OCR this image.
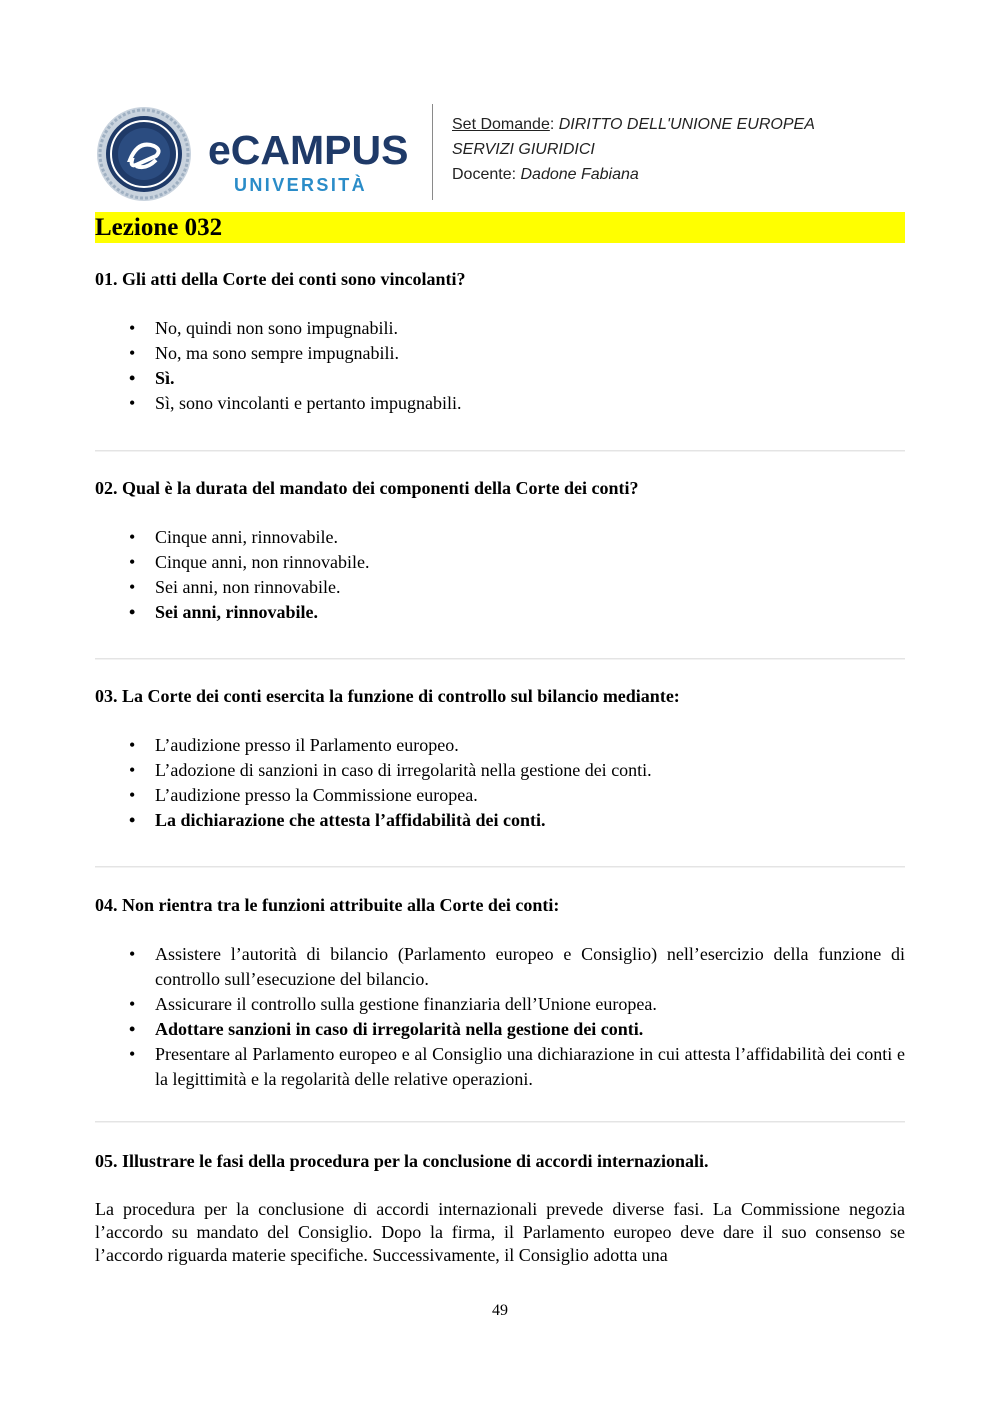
eCAMPUS
UNIVERSITÀ
Set Domande: DIRITTO DELL'UNIONE EUROPEA
SERVIZI GIURIDICI
Docente: Dadone Fabiana
Lezione 032

01. Gli atti della Corte dei conti sono vincolanti?

• No, quindi non sono impugnabili.
• No, ma sono sempre impugnabili.
• Sì.
• Sì, sono vincolanti e pertanto impugnabili.

02. Qual è la durata del mandato dei componenti della Corte dei conti?

• Cinque anni, rinnovabile.
• Cinque anni, non rinnovabile.
• Sei anni, non rinnovabile.
• Sei anni, rinnovabile.

03. La Corte dei conti esercita la funzione di controllo sul bilancio mediante:

• L’audizione presso il Parlamento europeo.
• L’adozione di sanzioni in caso di irregolarità nella gestione dei conti.
• L’audizione presso la Commissione europea.
• La dichiarazione che attesta l’affidabilità dei conti.

04. Non rientra tra le funzioni attribuite alla Corte dei conti:

• Assistere l’autorità di bilancio (Parlamento europeo e Consiglio) nell’esercizio della funzione di controllo sull’esecuzione del bilancio.
• Assicurare il controllo sulla gestione finanziaria dell’Unione europea.
• Adottare sanzioni in caso di irregolarità nella gestione dei conti.
• Presentare al Parlamento europeo e al Consiglio una dichiarazione in cui attesta l’affidabilità dei conti e la legittimità e la regolarità delle relative operazioni.

05. Illustrare le fasi della procedura per la conclusione di accordi internazionali.

La procedura per la conclusione di accordi internazionali prevede diverse fasi. La Commissione negozia l’accordo su mandato del Consiglio. Dopo la firma, il Parlamento europeo deve dare il suo consenso se l’accordo riguarda materie specifiche. Successivamente, il Consiglio adotta una

49
